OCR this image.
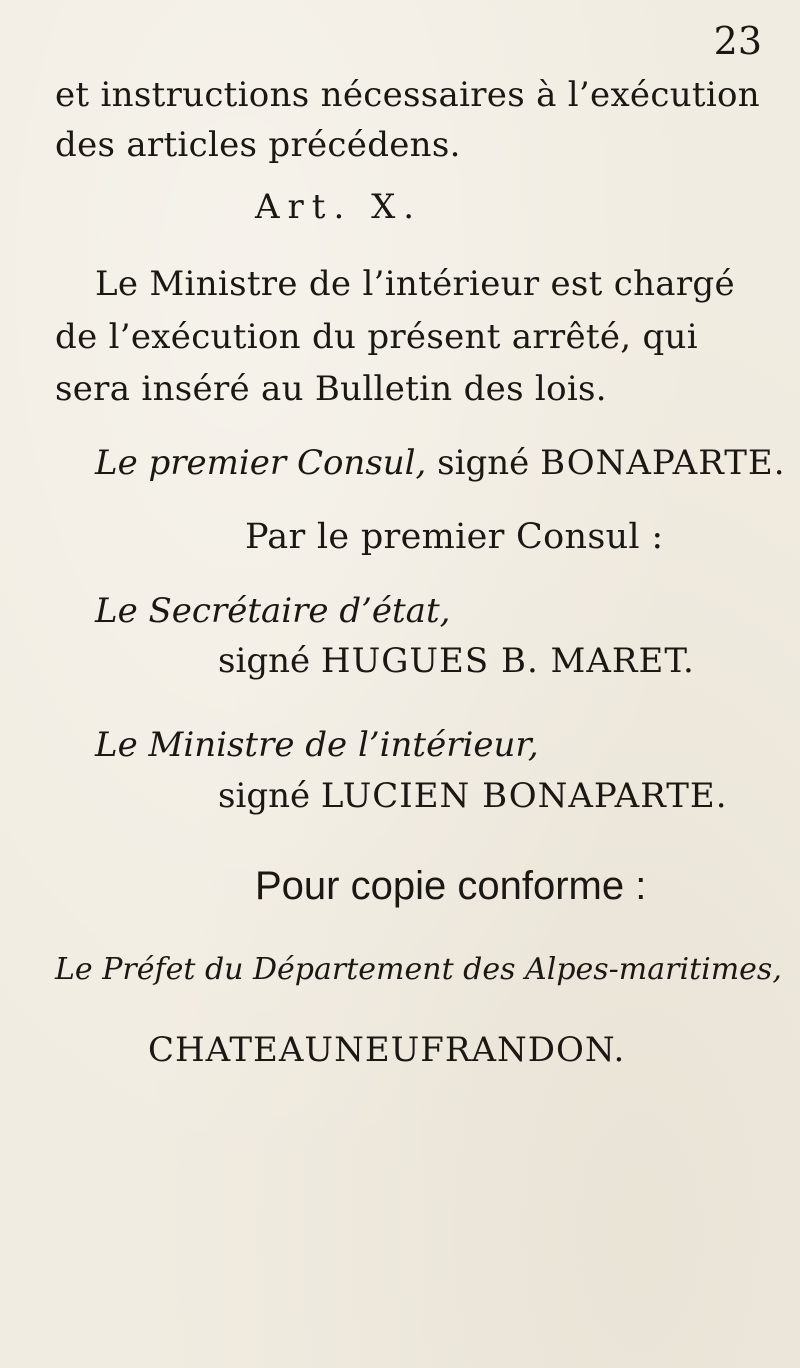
23
et instructions nécessaires à l’exécution
des articles précédens.
Art. X.
Le Ministre de l’intérieur est chargé
de l’exécution du présent arrêté, qui
sera inséré au Bulletin des lois.
Le premier Consul, signé BONAPARTE.
Par le premier Consul :
Le Secrétaire d’état,
signé HUGUES B. MARET.
Le Ministre de l’intérieur,
signé LUCIEN BONAPARTE.
Pour copie conforme :
Le Préfet du Département des Alpes-maritimes,
CHATEAUNEUFRANDON.
